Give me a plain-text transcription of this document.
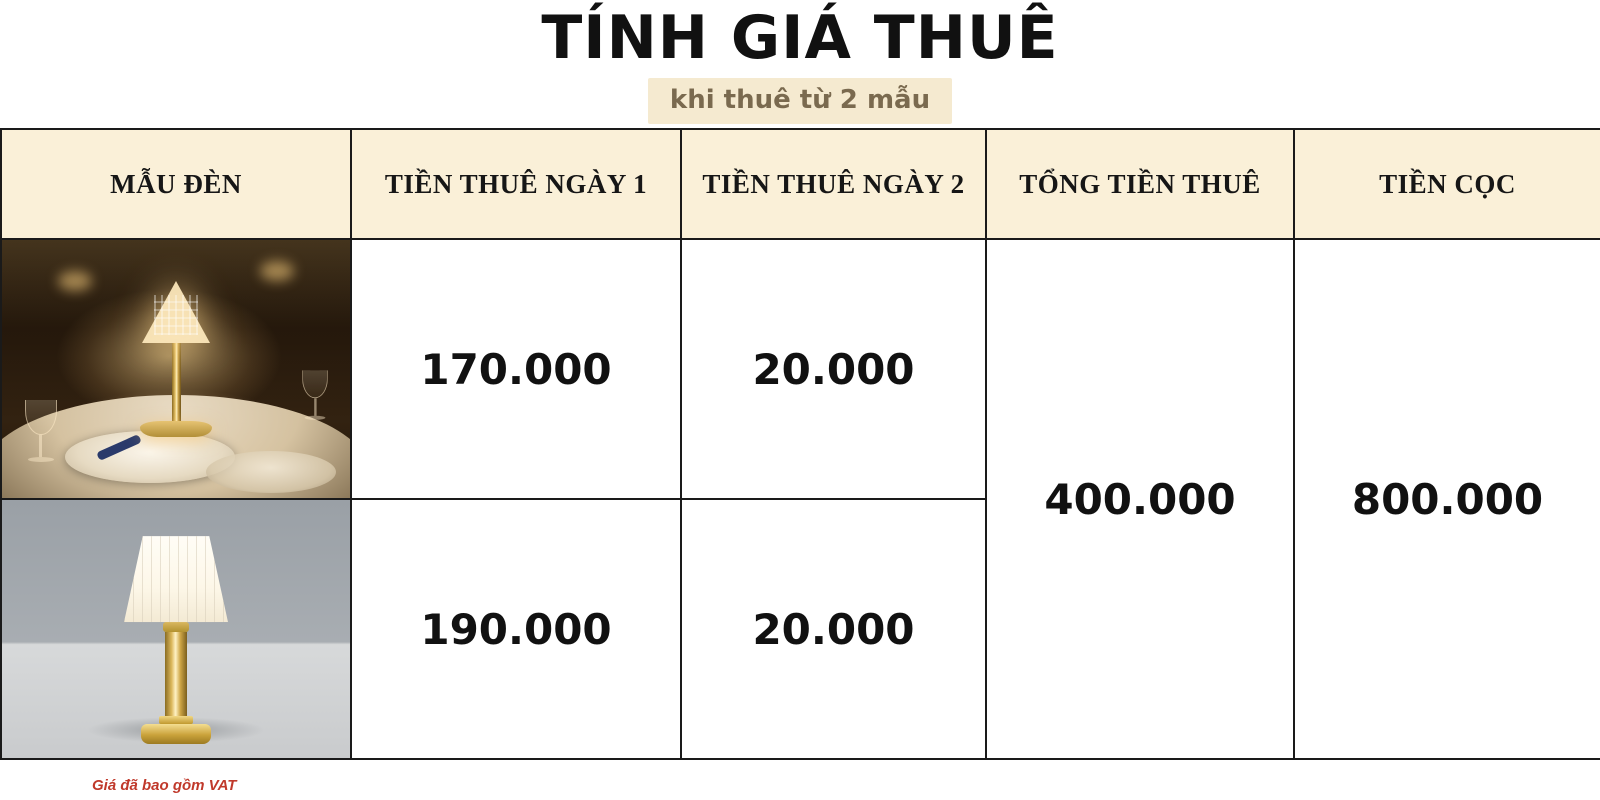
TÍNH GIÁ THUÊ
khi thuê từ 2 mẫu
MẪU ĐÈN	TIỀN THUÊ NGÀY 1	TIỀN THUÊ NGÀY 2	TỔNG TIỀN THUÊ	TIỀN CỌC

	170.000	20.000	400.000	800.000

	190.000	20.000		
Giá đã bao gồm VAT
